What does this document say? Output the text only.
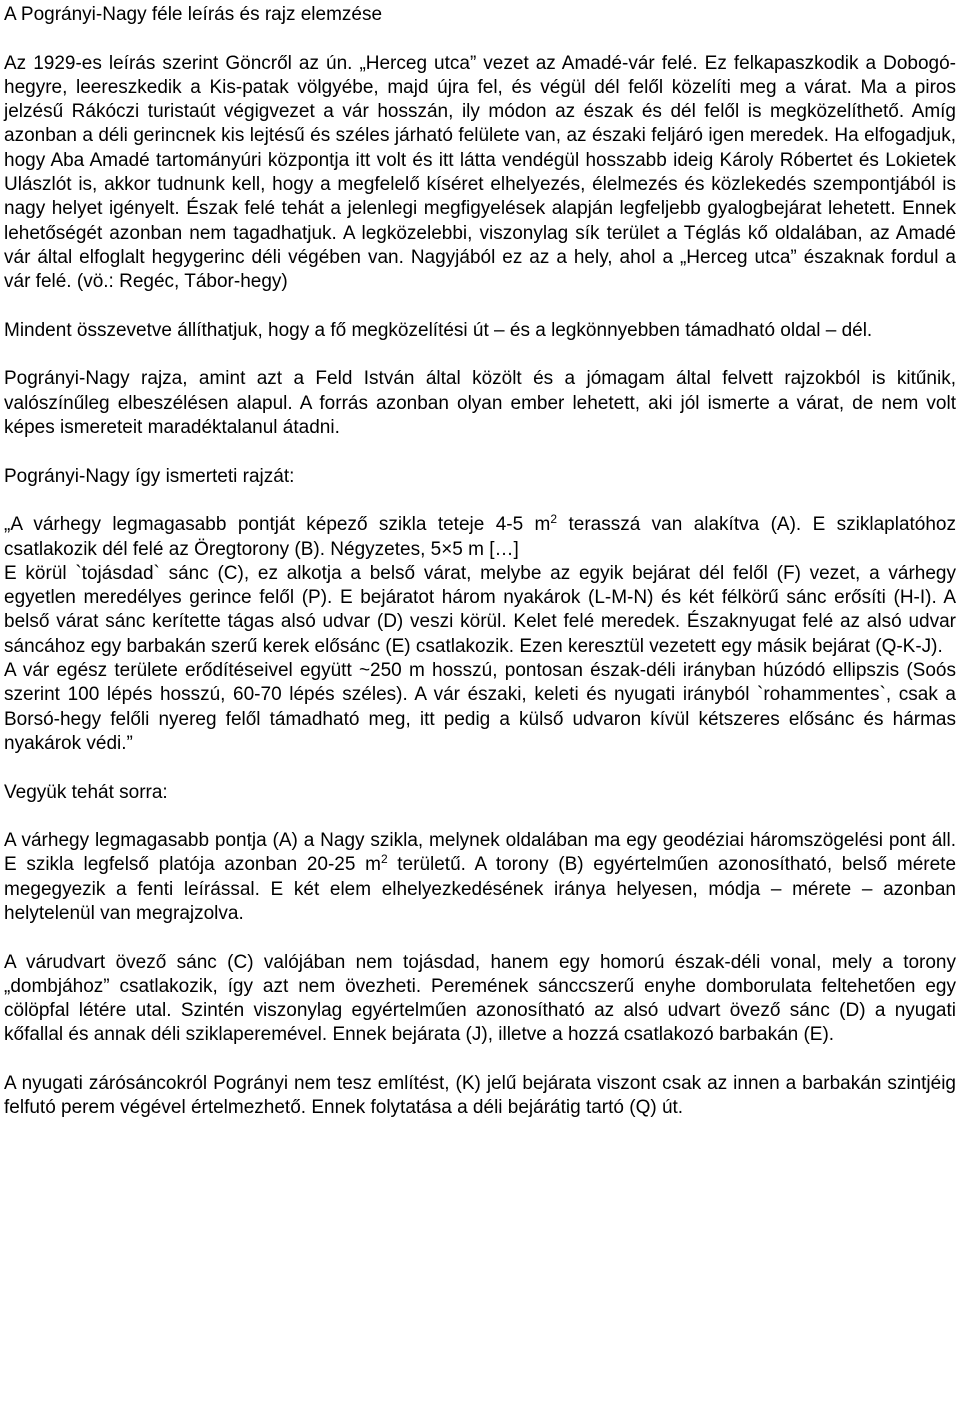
A Pogrányi-Nagy féle leírás és rajz elemzése

Az 1929-es leírás szerint Göncről az ún. „Herceg utca” vezet az Amadé-vár felé. Ez felkapaszkodik a Dobogó-hegyre, leereszkedik a Kis-patak völgyébe, majd újra fel, és végül dél felől közelíti meg a várat. Ma a piros jelzésű Rákóczi turistaút végigvezet a vár hosszán, ily módon az észak és dél felől is megközelíthető. Amíg azonban a déli gerincnek kis lejtésű és széles járható felülete van, az északi feljáró igen meredek. Ha elfogadjuk, hogy Aba Amadé tartományúri központja itt volt és itt látta vendégül hosszabb ideig Károly Róbertet és Lokietek Ulászlót is, akkor tudnunk kell, hogy a megfelelő kíséret elhelyezés, élelmezés és közlekedés szempontjából is nagy helyet igényelt. Észak felé tehát a jelenlegi megfigyelések alapján legfeljebb gyalogbejárat lehetett. Ennek lehetőségét azonban nem tagadhatjuk. A legközelebbi, viszonylag sík terület a Téglás kő oldalában, az Amadé vár által elfoglalt hegygerinc déli végében van. Nagyjából ez az a hely, ahol a „Herceg utca” északnak fordul a vár felé. (vö.: Regéc, Tábor-hegy)

Mindent összevetve állíthatjuk, hogy a fő megközelítési út – és a legkönnyebben támadható oldal – dél.

Pogrányi-Nagy rajza, amint azt a Feld István által közölt és a jómagam által felvett rajzokból is kitűnik, valószínűleg elbeszélésen alapul. A forrás azonban olyan ember lehetett, aki jól ismerte a várat, de nem volt képes ismereteit maradéktalanul átadni.

Pogrányi-Nagy így ismerteti rajzát:

„A várhegy legmagasabb pontját képező szikla teteje 4-5 $m^2$ terasszá van alakítva (A). E sziklaplatóhoz csatlakozik dél felé az Öregtorony (B). Négyzetes, 5×5 m […]

E körül `tojásdad` sánc (C), ez alkotja a belső várat, melybe az egyik bejárat dél felől (F) vezet, a várhegy egyetlen meredélyes gerince felől (P). E bejáratot három nyakárok (L-M-N) és két félkörű sánc erősíti (H-I). A belső várat sánc kerítette tágas alsó udvar (D) veszi körül. Kelet felé meredek. Északnyugat felé az alsó udvar sáncához egy barbakán szerű kerek elősánc (E) csatlakozik. Ezen keresztül vezetett egy másik bejárat (Q-K-J).

A vár egész területe erődítéseivel együtt ~250 m hosszú, pontosan észak-déli irányban húzódó ellipszis (Soós szerint 100 lépés hosszú, 60-70 lépés széles). A vár északi, keleti és nyugati irányból `rohammentes`, csak a Borsó-hegy felőli nyereg felől támadható meg, itt pedig a külső udvaron kívül kétszeres elősánc és hármas nyakárok védi.”

Vegyük tehát sorra:

A várhegy legmagasabb pontja (A) a Nagy szikla, melynek oldalában ma egy geodéziai háromszögelési pont áll. E szikla legfelső platója azonban 20-25 $m^2$ területű. A torony (B) egyértelműen azonosítható, belső mérete megegyezik a fenti leírással. E két elem elhelyezkedésének iránya helyesen, módja – mérete – azonban helytelenül van megrajzolva.

A várudvart övező sánc (C) valójában nem tojásdad, hanem egy homorú észak-déli vonal, mely a torony „dombjához” csatlakozik, így azt nem övezheti. Peremének sánccszerű enyhe domborulata feltehetően egy cölöpfal létére utal. Szintén viszonylag egyértelműen azonosítható az alsó udvart övező sánc (D) a nyugati kőfallal és annak déli sziklaperemével. Ennek bejárata (J), illetve a hozzá csatlakozó barbakán (E).

A nyugati zárósáncokról Pogrányi nem tesz említést, (K) jelű bejárata viszont csak az innen a barbakán szintjéig felfutó perem végével értelmezhető. Ennek folytatása a déli bejárátig tartó (Q) út.
